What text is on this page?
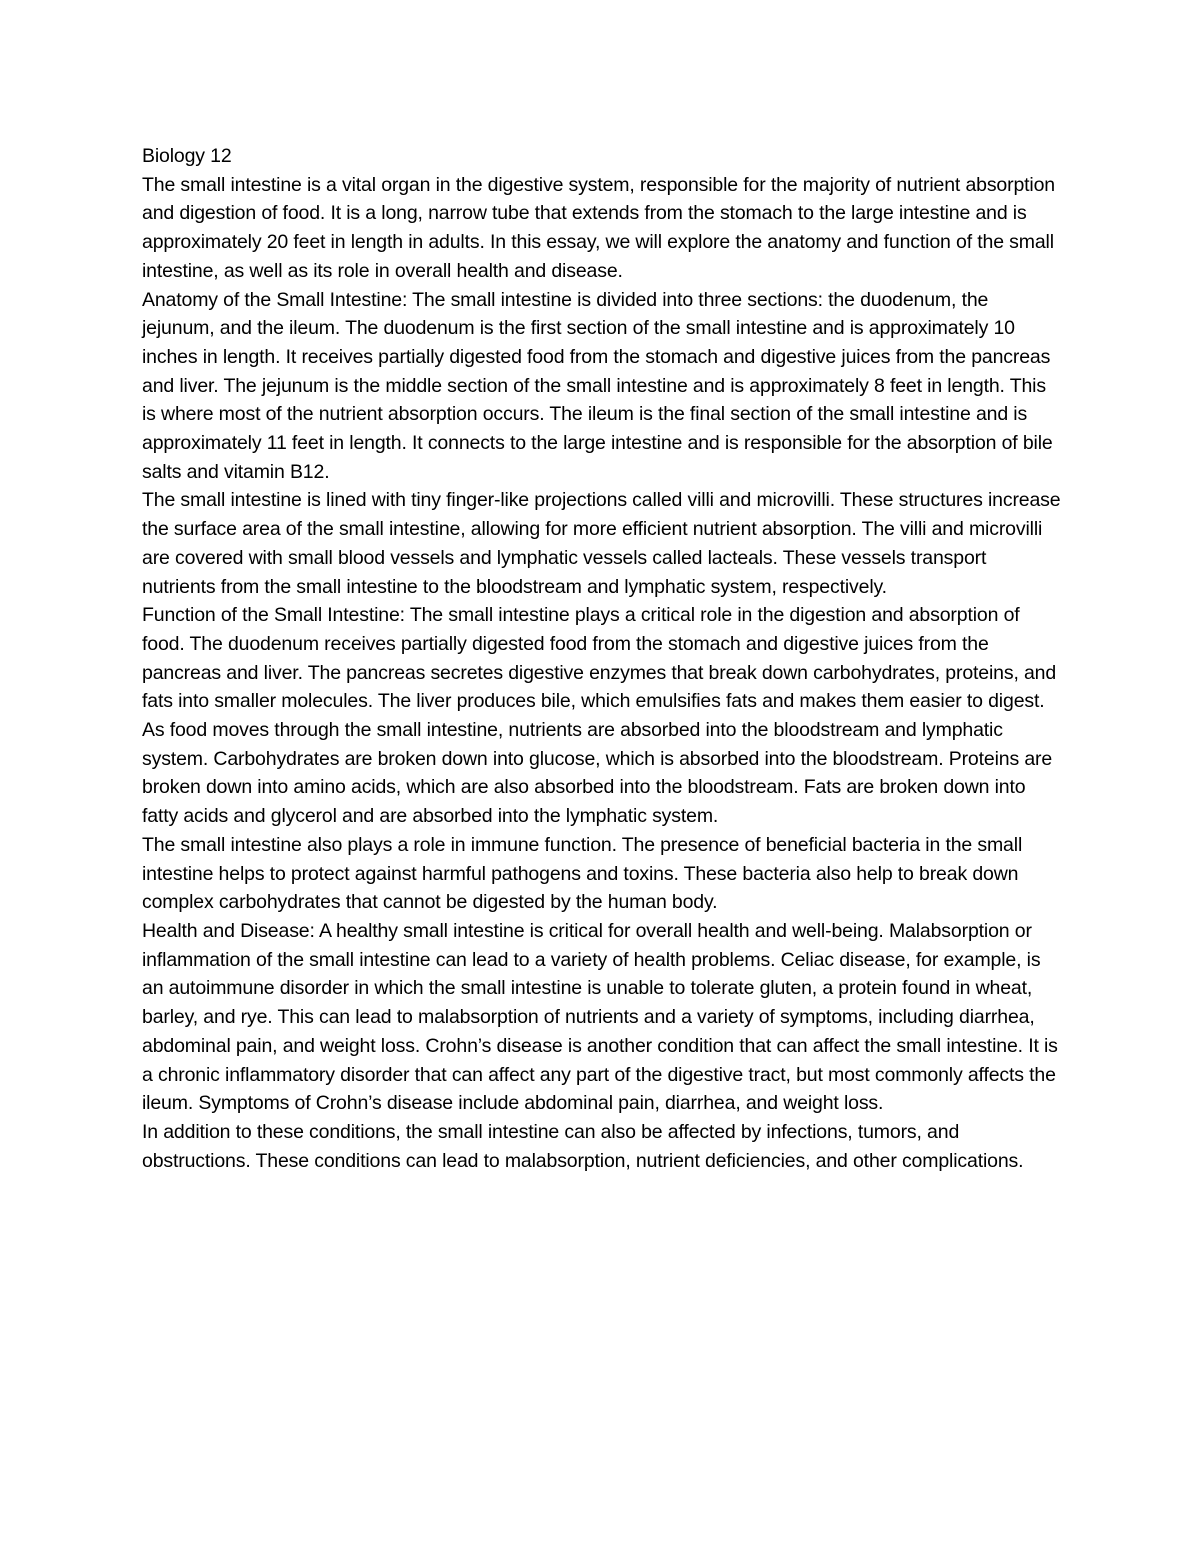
Biology 12

The small intestine is a vital organ in the digestive system, responsible for the majority of nutrient absorption and digestion of food. It is a long, narrow tube that extends from the stomach to the large intestine and is approximately 20 feet in length in adults. In this essay, we will explore the anatomy and function of the small intestine, as well as its role in overall health and disease.

Anatomy of the Small Intestine: The small intestine is divided into three sections: the duodenum, the jejunum, and the ileum. The duodenum is the first section of the small intestine and is approximately 10 inches in length. It receives partially digested food from the stomach and digestive juices from the pancreas and liver. The jejunum is the middle section of the small intestine and is approximately 8 feet in length. This is where most of the nutrient absorption occurs. The ileum is the final section of the small intestine and is approximately 11 feet in length. It connects to the large intestine and is responsible for the absorption of bile salts and vitamin B12.

The small intestine is lined with tiny finger-like projections called villi and microvilli. These structures increase the surface area of the small intestine, allowing for more efficient nutrient absorption. The villi and microvilli are covered with small blood vessels and lymphatic vessels called lacteals. These vessels transport nutrients from the small intestine to the bloodstream and lymphatic system, respectively.

Function of the Small Intestine: The small intestine plays a critical role in the digestion and absorption of food. The duodenum receives partially digested food from the stomach and digestive juices from the pancreas and liver. The pancreas secretes digestive enzymes that break down carbohydrates, proteins, and fats into smaller molecules. The liver produces bile, which emulsifies fats and makes them easier to digest.

As food moves through the small intestine, nutrients are absorbed into the bloodstream and lymphatic system. Carbohydrates are broken down into glucose, which is absorbed into the bloodstream. Proteins are broken down into amino acids, which are also absorbed into the bloodstream. Fats are broken down into fatty acids and glycerol and are absorbed into the lymphatic system.

The small intestine also plays a role in immune function. The presence of beneficial bacteria in the small intestine helps to protect against harmful pathogens and toxins. These bacteria also help to break down complex carbohydrates that cannot be digested by the human body.

Health and Disease: A healthy small intestine is critical for overall health and well-being. Malabsorption or inflammation of the small intestine can lead to a variety of health problems. Celiac disease, for example, is an autoimmune disorder in which the small intestine is unable to tolerate gluten, a protein found in wheat, barley, and rye. This can lead to malabsorption of nutrients and a variety of symptoms, including diarrhea, abdominal pain, and weight loss. Crohn’s disease is another condition that can affect the small intestine. It is a chronic inflammatory disorder that can affect any part of the digestive tract, but most commonly affects the ileum. Symptoms of Crohn’s disease include abdominal pain, diarrhea, and weight loss.

In addition to these conditions, the small intestine can also be affected by infections, tumors, and obstructions. These conditions can lead to malabsorption, nutrient deficiencies, and other complications.
